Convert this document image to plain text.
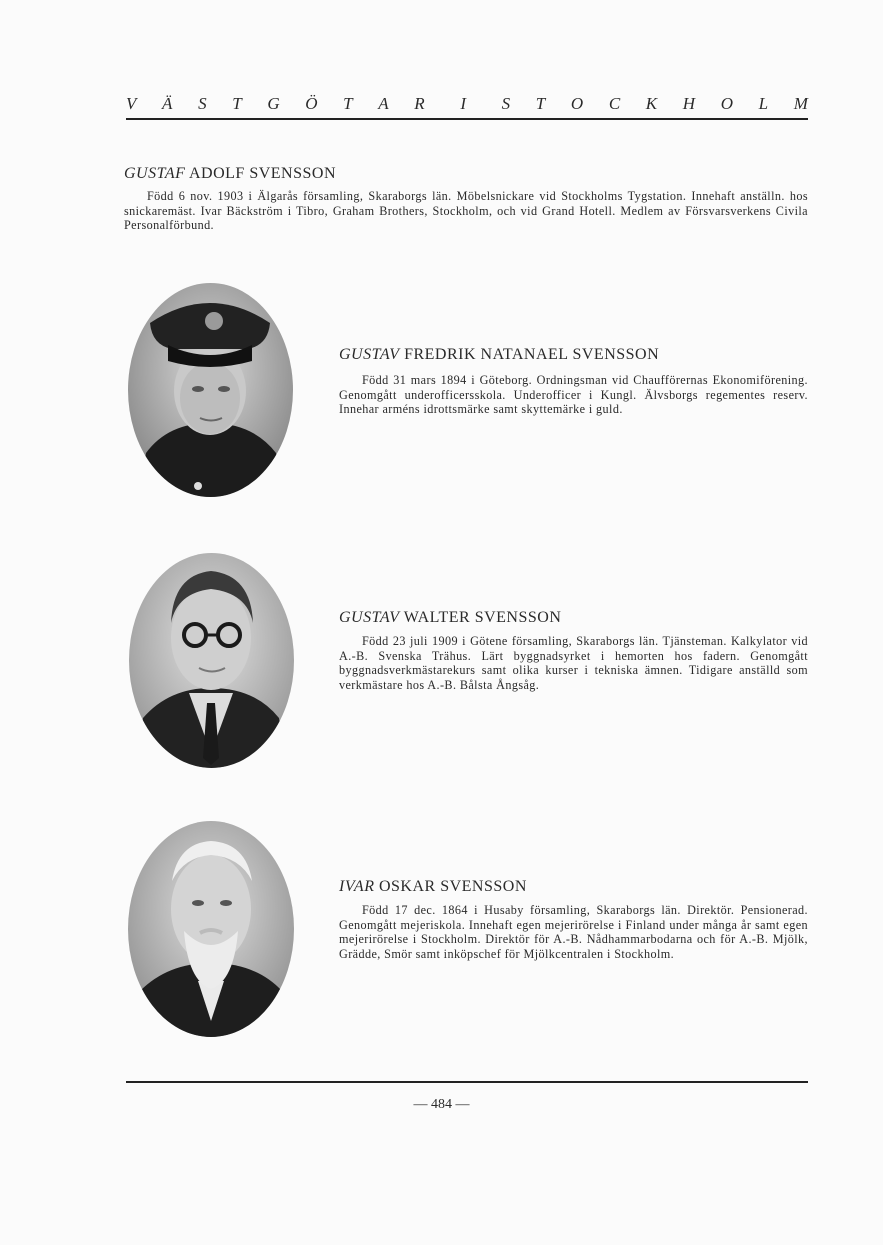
V Ä S T G Ö T A R I S T O C K H O L M
GUSTAF ADOLF SVENSSON

Född 6 nov. 1903 i Älgarås församling, Skaraborgs län. Möbelsnickare vid Stockholms Tygstation. Innehaft anställn. hos snickaremäst. Ivar Bäckström i Tibro, Graham Brothers, Stockholm, och vid Grand Hotell. Medlem av Försvarsverkens Civila Personalförbund.

GUSTAV FREDRIK NATANAEL SVENSSON

Född 31 mars 1894 i Göteborg. Ordningsman vid Chaufförernas Ekonomiförening. Genomgått underofficersskola. Underofficer i Kungl. Älvsborgs regementes reserv. Innehar arméns idrottsmärke samt skyttemärke i guld.

GUSTAV WALTER SVENSSON

Född 23 juli 1909 i Götene församling, Skaraborgs län. Tjänsteman. Kalkylator vid A.-B. Svenska Trähus. Lärt byggnadsyrket i hemorten hos fadern. Genomgått byggnadsverkmästarekurs samt olika kurser i tekniska ämnen. Tidigare anställd som verkmästare hos A.-B. Bålsta Ångsåg.

IVAR OSKAR SVENSSON

Född 17 dec. 1864 i Husaby församling, Skaraborgs län. Direktör. Pensionerad. Genomgått mejeriskola. Innehaft egen mejerirörelse i Finland under många år samt egen mejerirörelse i Stockholm. Direktör för A.-B. Nådhammarbodarna och för A.-B. Mjölk, Grädde, Smör samt inköpschef för Mjölkcentralen i Stockholm.

— 484 —
